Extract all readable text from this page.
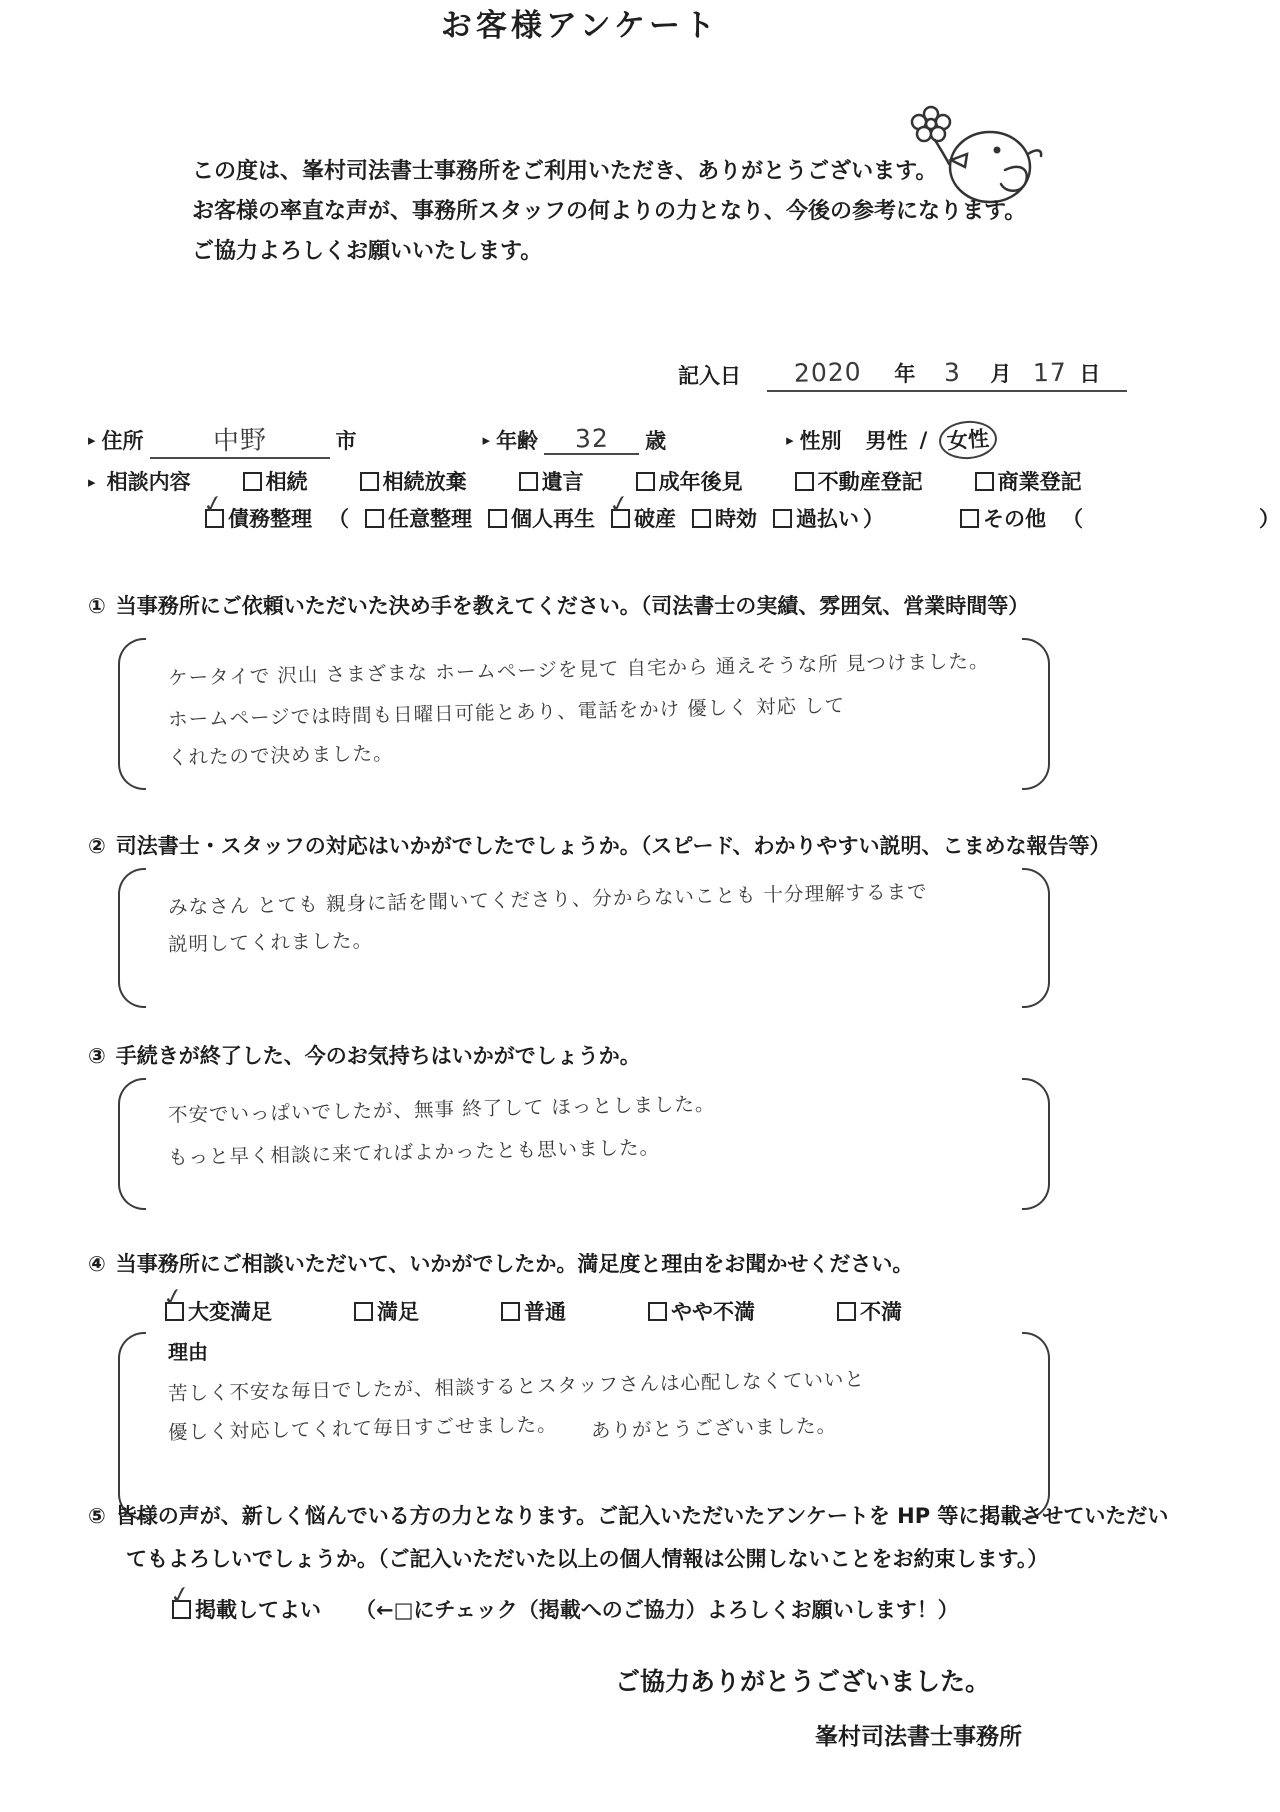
お客様アンケート
この度は、峯村司法書士事務所をご利用いただき、ありがとうございます。
お客様の率直な声が、事務所スタッフの何よりの力となり、今後の参考になります。
ご協力よろしくお願いいたします。
記入日	2020 年 3 月 17 日
▸ 住所	中野	市	▸ 年齢	32	歳	▸ 性別 男性 / 女性
▸ 相談内容	相続	相続放棄	遺言	成年後見	不動産登記	商業登記
✓ 債務整理 （ 任意整理 個人再生 ✓ 破産 時効 過払い ）	その他 （	）
① 当事務所にご依頼いただいた決め手を教えてください。（司法書士の実績、雰囲気、営業時間等）
ケータイで 沢山 さまざまな ホームページを見て 自宅から 通えそうな所 見つけました。 ホームページでは時間も日曜日可能とあり、電話をかけ 優しく 対応 して くれたので決めました。
② 司法書士・スタッフの対応はいかがでしたでしょうか。（スピード、わかりやすい説明、こまめな報告等）
みなさん とても 親身に話を聞いてくださり、分からないことも 十分理解するまで 説明してくれました。
③ 手続きが終了した、今のお気持ちはいかがでしょうか。
不安でいっぱいでしたが、無事 終了して ほっとしました。 もっと早く相談に来てればよかったとも思いました。
④ 当事務所にご相談いただいて、いかがでしたか。満足度と理由をお聞かせください。
✓ 大変満足	満足	普通	やや不満	不満
理由
苦しく不安な毎日でしたが、相談するとスタッフさんは心配しなくていいと 優しく対応してくれて毎日すごせました。 ありがとうございました。
⑤ 皆様の声が、新しく悩んでいる方の力となります。ご記入いただいたアンケートを HP 等に掲載させていただい
てもよろしいでしょうか。（ご記入いただいた以上の個人情報は公開しないことをお約束します。）
✓ 掲載してよい （←□にチェック（掲載へのご協力）よろしくお願いします！）
ご協力ありがとうございました。
峯村司法書士事務所
